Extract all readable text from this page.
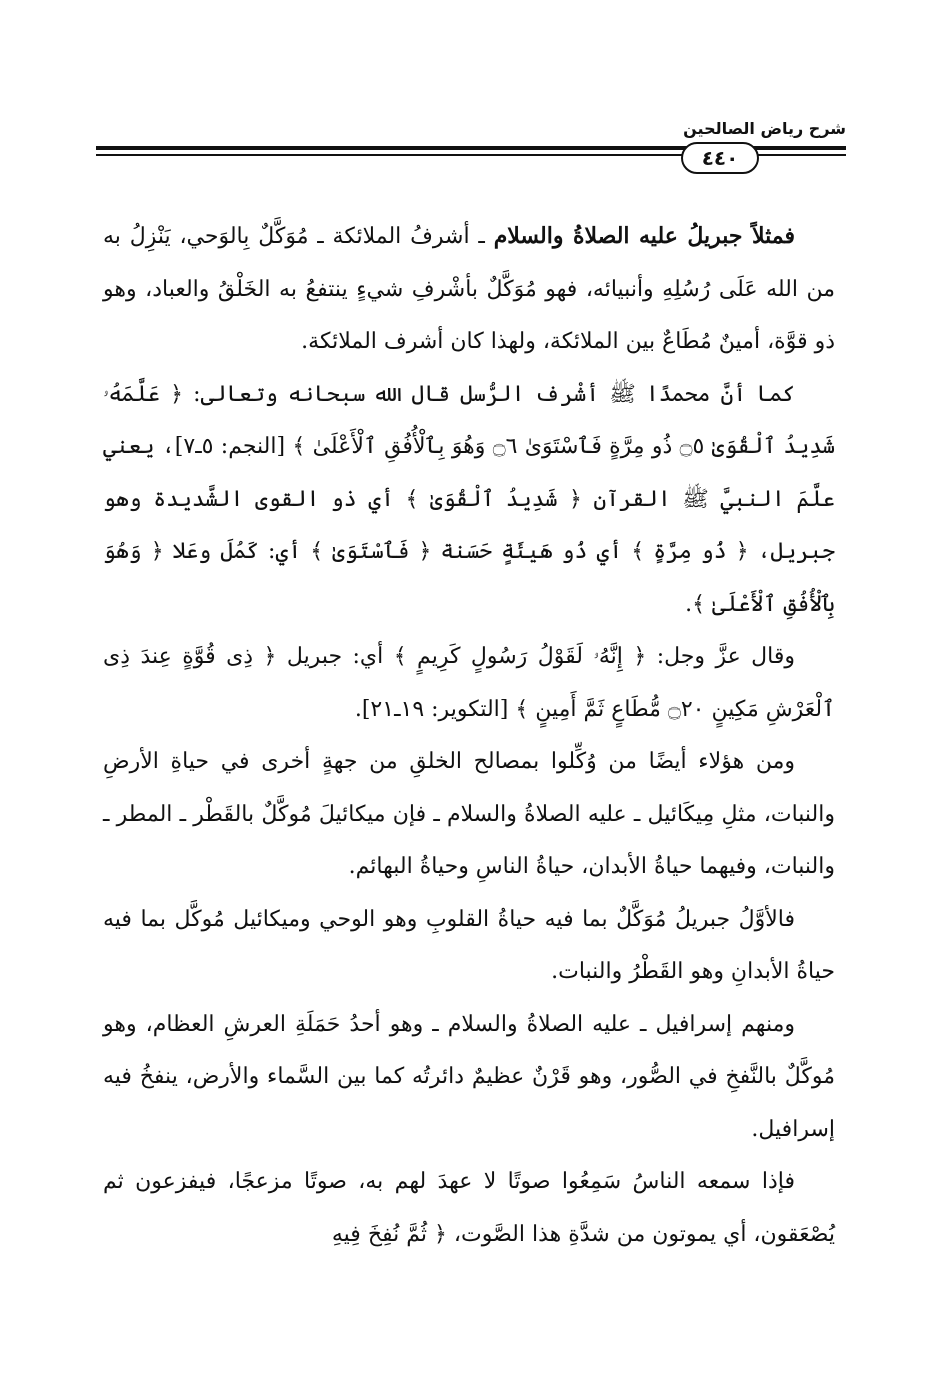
شرح رياض الصالحين
٤٤٠

فمثلاً جبريلُ عليه الصلاةُ والسلام ـ أشرفُ الملائكة ـ مُوَكَّلٌ بِالوَحي، يَنْزِلُ به من الله عَلَى رُسُلِهِ وأنبيائه، فهو مُوَكَّلٌ بأشْرفِ شيءٍ ينتفعُ به الخَلْقُ والعباد، وهو ذو قوَّة، أمينٌ مُطَاعٌ بين الملائكة، ولهذا كان أشرف الملائكة.

كما أنَّ محمدًا ﷺ أشْرف الرُّسل قال الله سبحانه وتعالى: ﴿ عَلَّمَهُۥ شَدِيدُ ٱلْقُوَىٰ ۝٥ ذُو مِرَّةٍ فَٱسْتَوَىٰ ۝٦ وَهُوَ بِٱلْأُفُقِ ٱلْأَعْلَىٰ ﴾ [النجم: ٥ـ٧]، يعني علَّمَ النبيَّ ﷺ القرآن ﴿ شَدِيدُ ٱلْقُوَىٰ ﴾ أي ذو القوى الشَّديدة وهو جبريل، ﴿ ذُو مِرَّةٍ ﴾ أي ذُو هَيئَةٍ حَسَنة ﴿ فَٱسْتَوَىٰ ﴾ أي: كَمُلَ وعَلا ﴿ وَهُوَ بِٱلْأُفُقِ ٱلْأَعْلَىٰ ﴾.

وقال عزَّ وجل: ﴿ إِنَّهُۥ لَقَوْلُ رَسُولٍ كَرِيمٍ ﴾ أي: جبريل ﴿ ذِى قُوَّةٍ عِندَ ذِى ٱلْعَرْشِ مَكِينٍ ۝٢٠ مُّطَاعٍ ثَمَّ أَمِينٍ ﴾ [التكوير: ١٩ـ٢١].

ومن هؤلاء أيضًا من وُكِّلوا بمصالح الخلقِ من جهةٍ أخرى في حياةِ الأرضِ والنبات، مثلِ مِيكَائيل ـ عليه الصلاةُ والسلام ـ فإن ميكائيلَ مُوكَّلٌ بالقَطْر ـ المطر ـ والنبات، وفيهما حياةُ الأبدان، حياةُ الناسِ وحياةُ البهائم.

فالأوَّلُ جبريلُ مُوَكَّلٌ بما فيه حياةُ القلوبِ وهو الوحي وميكائيل مُوكَّل بما فيه حياةُ الأبدانِ وهو القَطْرُ والنبات.

ومنهم إسرافيل ـ عليه الصلاةُ والسلام ـ وهو أحدُ حَمَلَةِ العرشِ العظام، وهو مُوكَّلٌ بالنَّفخِ في الصُّور، وهو قَرْنٌ عظيمٌ دائرتُه كما بين السَّماء والأرض، ينفخُ فيه إسرافيل.

فإذا سمعه الناسُ سَمِعُوا صوتًا لا عهدَ لهم به، صوتًا مزعجًا، فيفزعون ثم يُصْعَقون، أي يموتون من شدَّةِ هذا الصَّوت، ﴿ ثُمَّ نُفِخَ فِيهِ
